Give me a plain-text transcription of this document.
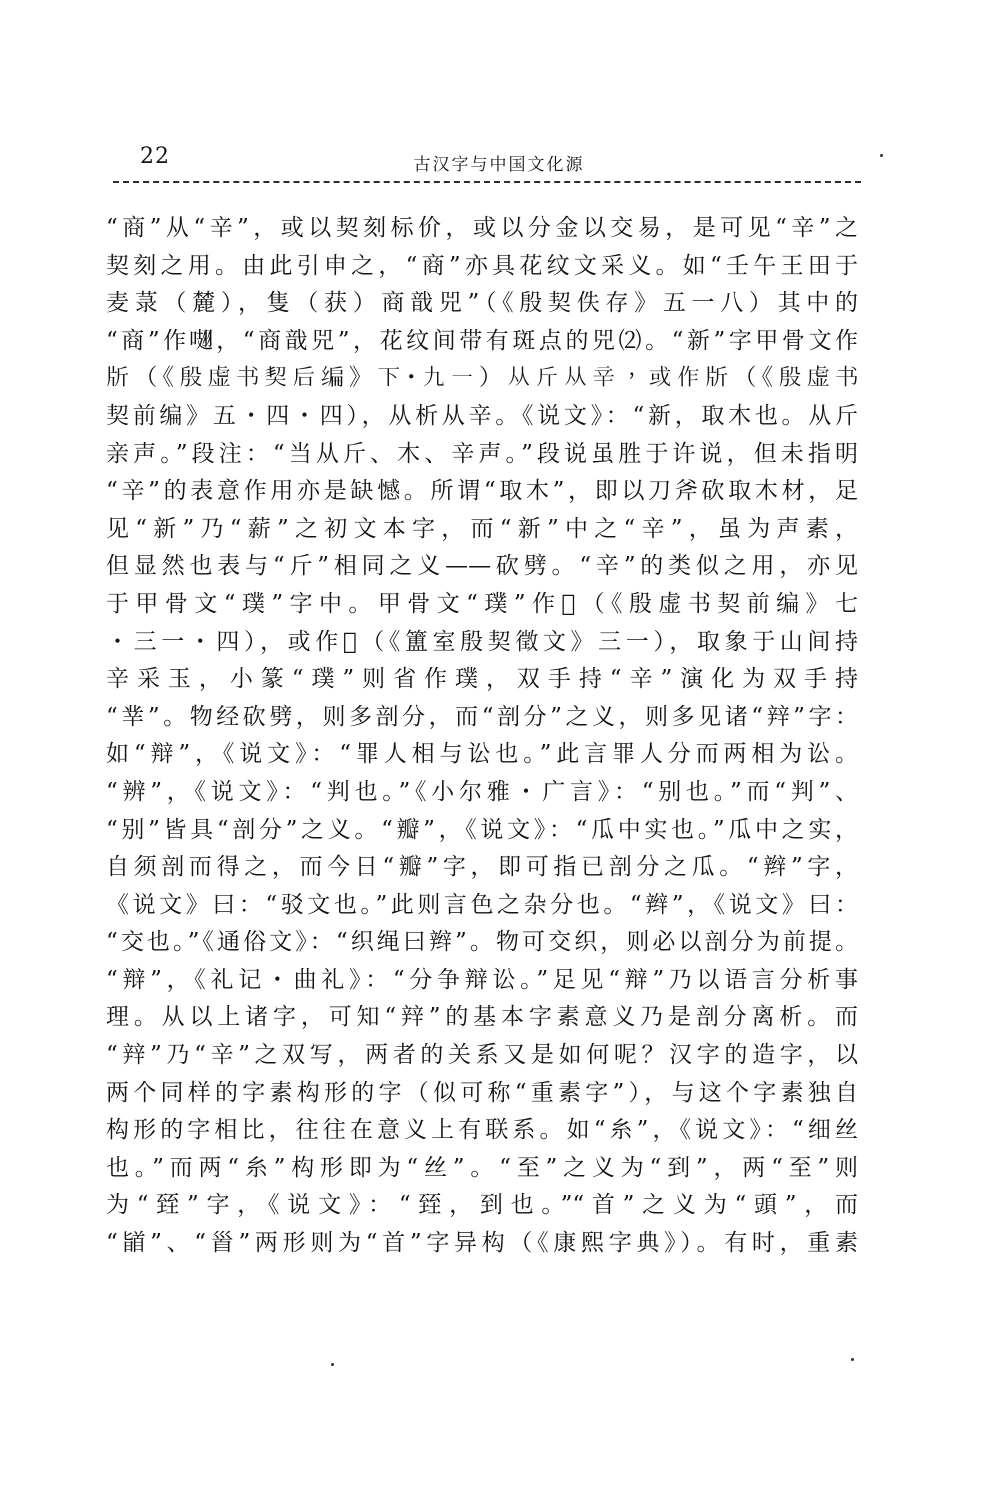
22	古汉字与中国文化源
“商”从“辛”，或以契刻标价，或以分金以交易，是可见“辛”之
契刻之用。由此引申之，“商”亦具花纹文采义。如“壬午王田于
麦菉（麓），隻（获）商戠兕”（《殷契佚存》五一八）其中的
“商”作𠺏，“商戠兕”，花纹间带有斑点的兕⑵。“新”字甲骨文作
𣂔（《殷虚书契后编》下・九一）从斤从辛，或作𣂔（《殷虚书
契前编》五・四・四），从析从辛。《说文》：“新，取木也。从斤
亲声。”段注：“当从斤、木、辛声。”段说虽胜于许说，但未指明
“辛”的表意作用亦是缺憾。所谓“取木”，即以刀斧砍取木材，足
见“新”乃“薪”之初文本字，而“新”中之“辛”，虽为声素，
但显然也表与“斤”相同之义——砍劈。“辛”的类似之用，亦见
于甲骨文“璞”字中。甲骨文“璞”作𤩁（《殷虚书契前编》七
・三一・四），或作𤩁（《簠室殷契徵文》三一），取象于山间持
辛采玉，小篆“璞”则省作璞，双手持“辛”演化为双手持
“丵”。物经砍劈，则多剖分，而“剖分”之义，则多见诸“辡”字：
如“辩”，《说文》：“罪人相与讼也。”此言罪人分而两相为讼。
“辨”，《说文》：“判也。”《小尔雅・广言》：“别也。”而“判”、
“别”皆具“剖分”之义。“瓣”，《说文》：“瓜中实也。”瓜中之实，
自须剖而得之，而今日“瓣”字，即可指已剖分之瓜。“辫”字，
《说文》曰：“驳文也。”此则言色之杂分也。“辫”，《说文》曰：
“交也。”《通俗文》：“织绳曰辫”。物可交织，则必以剖分为前提。
“辩”，《礼记・曲礼》：“分争辩讼。”足见“辩”乃以语言分析事
理。从以上诸字，可知“辡”的基本字素意义乃是剖分离析。而
“辡”乃“辛”之双写，两者的关系又是如何呢？汉字的造字，以
两个同样的字素构形的字（似可称“重素字”），与这个字素独自
构形的字相比，往往在意义上有联系。如“糸”，《说文》：“细丝
也。”而两“糸”构形即为“丝”。“至”之义为“到”，两“至”则
为“臸”字，《说文》：“臸，到也。”“首”之义为“頭”，而
“䭫”、“𩠐”两形则为“首”字异构（《康熙字典》）。有时，重素
